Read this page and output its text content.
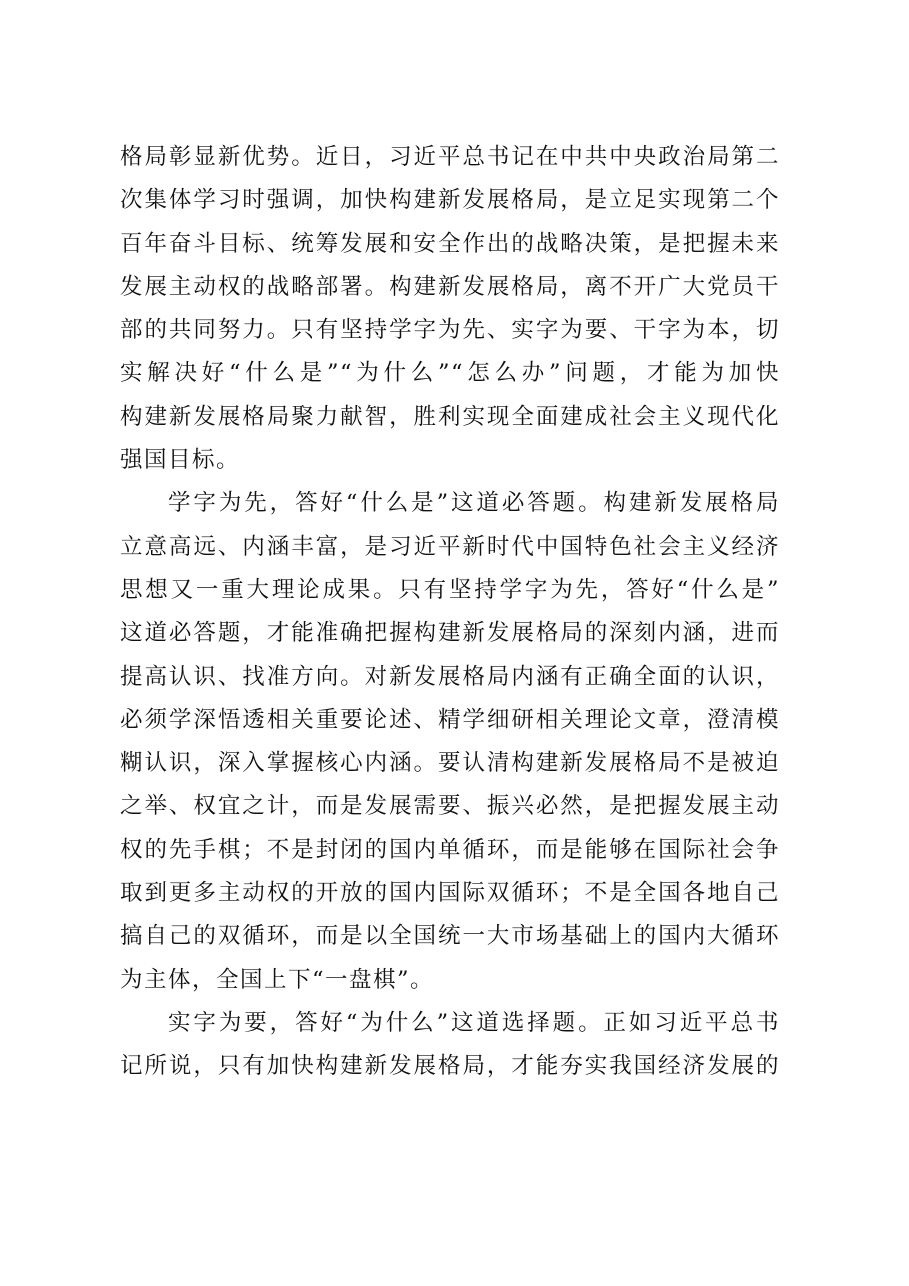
格局彰显新优势。近日，习近平总书记在中共中央政治局第二
次集体学习时强调，加快构建新发展格局，是立足实现第二个
百年奋斗目标、统筹发展和安全作出的战略决策，是把握未来
发展主动权的战略部署。构建新发展格局，离不开广大党员干
部的共同努力。只有坚持学字为先、实字为要、干字为本，切
实解决好“什么是”“为什么”“怎么办”问题，才能为加快
构建新发展格局聚力献智，胜利实现全面建成社会主义现代化
强国目标。
学字为先，答好“什么是”这道必答题。构建新发展格局
立意高远、内涵丰富，是习近平新时代中国特色社会主义经济
思想又一重大理论成果。只有坚持学字为先，答好“什么是”
这道必答题，才能准确把握构建新发展格局的深刻内涵，进而
提高认识、找准方向。对新发展格局内涵有正确全面的认识，
必须学深悟透相关重要论述、精学细研相关理论文章，澄清模
糊认识，深入掌握核心内涵。要认清构建新发展格局不是被迫
之举、权宜之计，而是发展需要、振兴必然，是把握发展主动
权的先手棋；不是封闭的国内单循环，而是能够在国际社会争
取到更多主动权的开放的国内国际双循环；不是全国各地自己
搞自己的双循环，而是以全国统一大市场基础上的国内大循环
为主体，全国上下“一盘棋”。
实字为要，答好“为什么”这道选择题。正如习近平总书
记所说，只有加快构建新发展格局，才能夯实我国经济发展的
